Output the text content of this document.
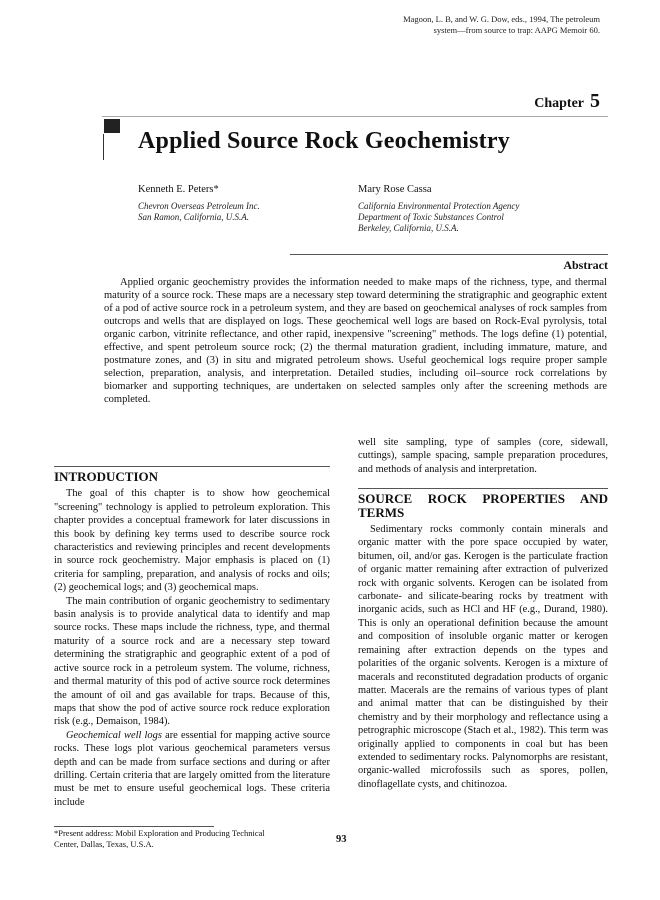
Magoon, L. B, and W. G. Dow, eds., 1994, The petroleum
system—from source to trap: AAPG Memoir 60.
Chapter 5
Applied Source Rock Geochemistry
Kenneth E. Peters*
Chevron Overseas Petroleum Inc.
San Ramon, California, U.S.A.
Mary Rose Cassa
California Environmental Protection Agency
Department of Toxic Substances Control
Berkeley, California, U.S.A.
Abstract

Applied organic geochemistry provides the information needed to make maps of the richness, type, and thermal maturity of a source rock. These maps are a necessary step toward determining the stratigraphic and geographic extent of a pod of active source rock in a petroleum system, and they are based on geochemical analyses of rock samples from outcrops and wells that are displayed on logs. These geochemical well logs are based on Rock-Eval pyrolysis, total organic carbon, vitrinite reflectance, and other rapid, inexpensive "screening" methods. The logs define (1) potential, effective, and spent petroleum source rock; (2) the thermal maturation gradient, including immature, mature, and postmature zones, and (3) in situ and migrated petroleum shows. Useful geochemical logs require proper sample selection, preparation, analysis, and interpretation. Detailed studies, including oil–source rock correlations by biomarker and supporting techniques, are undertaken on selected samples only after the screening methods are completed.

INTRODUCTION

The goal of this chapter is to show how geochemical "screening" technology is applied to petroleum exploration. This chapter provides a conceptual framework for later discussions in this book by defining key terms used to describe source rock characteristics and reviewing principles and recent developments in source rock geochemistry. Major emphasis is placed on (1) criteria for sampling, preparation, and analysis of rocks and oils; (2) geochemical logs; and (3) geochemical maps.

The main contribution of organic geochemistry to sedimentary basin analysis is to provide analytical data to identify and map source rocks. These maps include the richness, type, and thermal maturity of a source rock and are a necessary step toward determining the stratigraphic and geographic extent of a pod of active source rock in a petroleum system. The volume, richness, and thermal maturity of this pod of active source rock determines the amount of oil and gas available for traps. Because of this, maps that show the pod of active source rock reduce exploration risk (e.g., Demaison, 1984).

Geochemical well logs are essential for mapping active source rocks. These logs plot various geochemical parameters versus depth and can be made from surface sections and during or after drilling. Certain criteria that are largely omitted from the literature must be met to ensure useful geochemical logs. These criteria include

well site sampling, type of samples (core, sidewall, cuttings), sample spacing, sample preparation procedures, and methods of analysis and interpretation.

SOURCE ROCK PROPERTIES AND TERMS

Sedimentary rocks commonly contain minerals and organic matter with the pore space occupied by water, bitumen, oil, and/or gas. Kerogen is the particulate fraction of organic matter remaining after extraction of pulverized rock with organic solvents. Kerogen can be isolated from carbonate- and silicate-bearing rocks by treatment with inorganic acids, such as HCl and HF (e.g., Durand, 1980). This is only an operational definition because the amount and composition of insoluble organic matter or kerogen remaining after extraction depends on the types and polarities of the organic solvents. Kerogen is a mixture of macerals and reconstituted degradation products of organic matter. Macerals are the remains of various types of plant and animal matter that can be distinguished by their chemistry and by their morphology and reflectance using a petrographic microscope (Stach et al., 1982). This term was originally applied to components in coal but has been extended to sedimentary rocks. Palynomorphs are resistant, organic-walled microfossils such as spores, pollen, dinoflagellate cysts, and chitinozoa.

*Present address: Mobil Exploration and Producing Technical
Center, Dallas, Texas, U.S.A.	93
